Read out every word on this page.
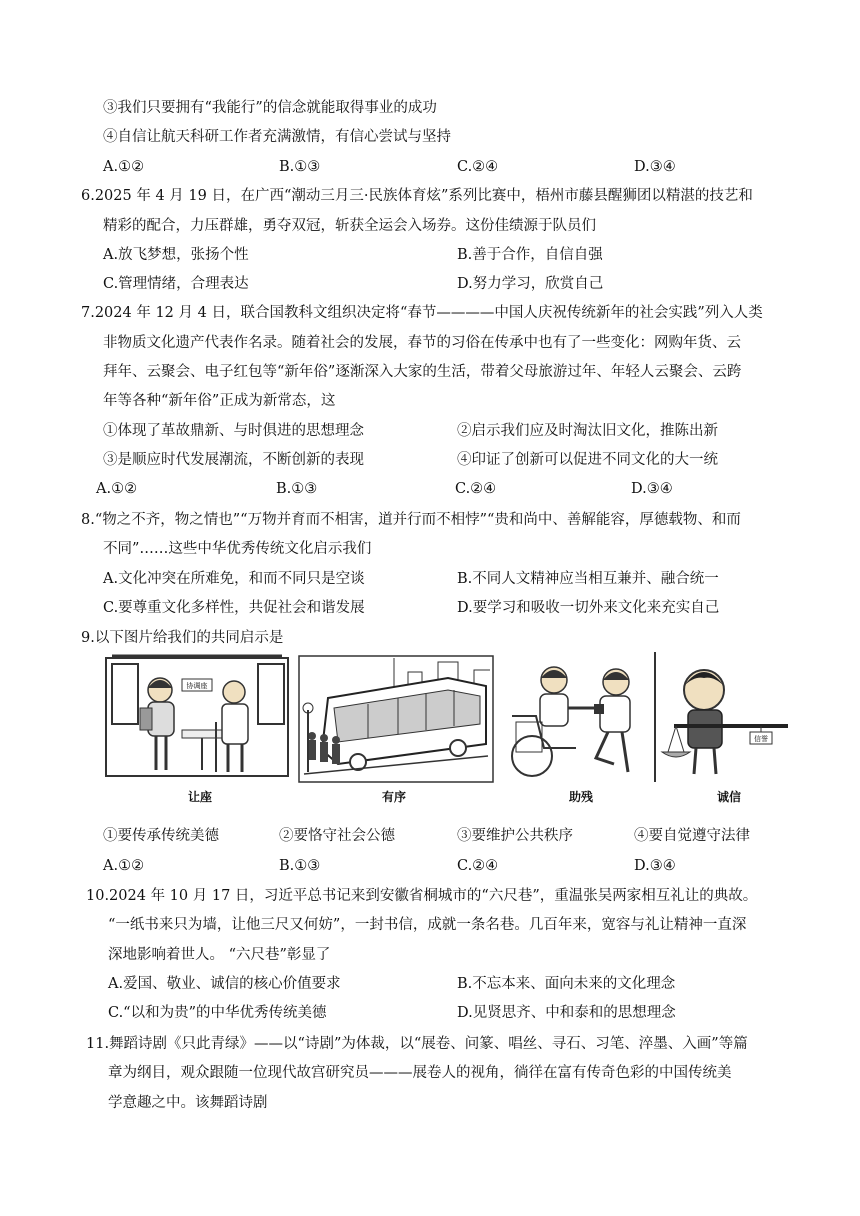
③我们只要拥有“我能行”的信念就能取得事业的成功
④自信让航天科研工作者充满激情，有信心尝试与坚持
A.①②	B.①③	C.②④	D.③④
6.2025 年 4 月 19 日，在广西“潮动三月三·民族体育炫”系列比赛中，梧州市藤县醒狮团以精湛的技艺和
精彩的配合，力压群雄，勇夺双冠，斩获全运会入场券。这份佳绩源于队员们
A.放飞梦想，张扬个性	B.善于合作，自信自强
C.管理情绪，合理表达	D.努力学习，欣赏自己
7.2024 年 12 月 4 日，联合国教科文组织决定将“春节————中国人庆祝传统新年的社会实践”列入人类
非物质文化遗产代表作名录。随着社会的发展，春节的习俗在传承中也有了一些变化：网购年货、云
拜年、云聚会、电子红包等“新年俗”逐渐深入大家的生活，带着父母旅游过年、年轻人云聚会、云跨
年等各种“新年俗”正成为新常态，这
①体现了革故鼎新、与时俱进的思想理念	②启示我们应及时淘汰旧文化，推陈出新
③是顺应时代发展潮流，不断创新的表现	④印证了创新可以促进不同文化的大一统
A.①②	B.①③	C.②④	D.③④
8.“物之不齐，物之情也”“万物并育而不相害，道并行而不相悖”“贵和尚中、善解能容，厚德载物、和而
不同”……这些中华优秀传统文化启示我们
A.文化冲突在所难免，和而不同只是空谈	B.不同人文精神应当相互兼并、融合统一
C.要尊重文化多样性，共促社会和谐发展	D.要学习和吸收一切外来文化来充实自己
9.以下图片给我们的共同启示是
协调座
让座	有序	助残
信誉
诚信
①要传承传统美德	②要恪守社会公德	③要维护公共秩序	④要自觉遵守法律
A.①②	B.①③	C.②④	D.③④
10.2024 年 10 月 17 日，习近平总书记来到安徽省桐城市的“六尺巷”，重温张吴两家相互礼让的典故。
“一纸书来只为墙，让他三尺又何妨”，一封书信，成就一条名巷。几百年来，宽容与礼让精神一直深
深地影响着世人。 “六尺巷”彰显了
A.爱国、敬业、诚信的核心价值要求	B.不忘本来、面向未来的文化理念
C.“以和为贵”的中华优秀传统美德	D.见贤思齐、中和泰和的思想理念
11.舞蹈诗剧《只此青绿》——以“诗剧”为体裁，以“展卷、问篆、唱丝、寻石、习笔、淬墨、入画”等篇
章为纲目，观众跟随一位现代故宫研究员———展卷人的视角，徜徉在富有传奇色彩的中国传统美
学意趣之中。该舞蹈诗剧
